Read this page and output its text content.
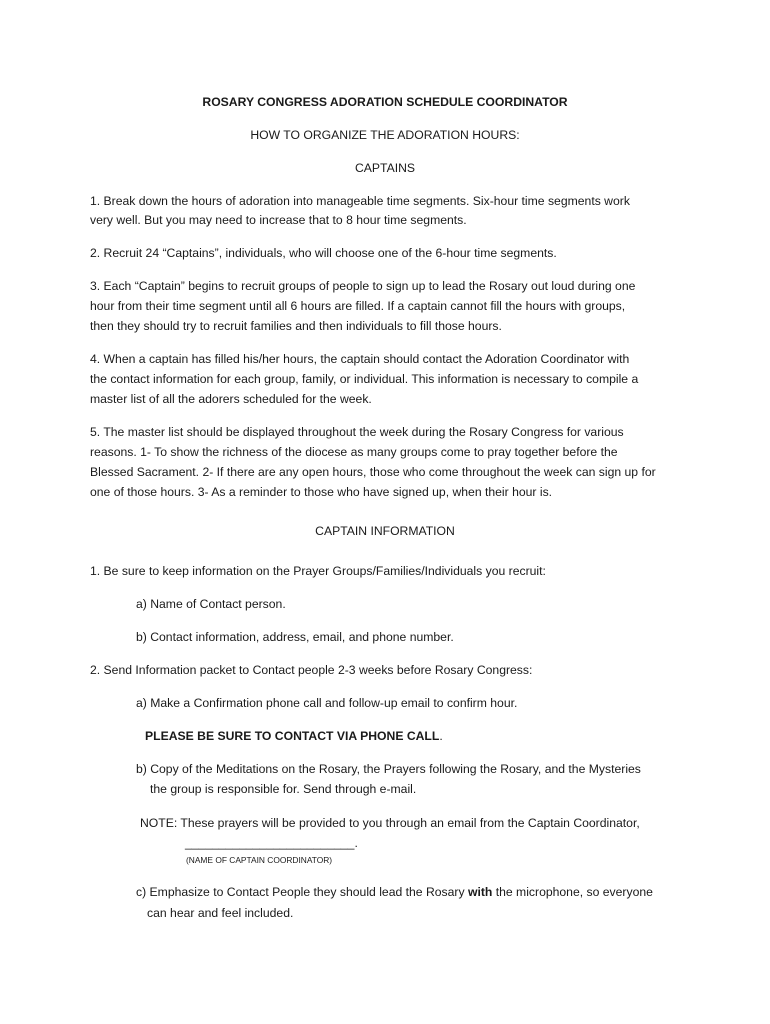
ROSARY CONGRESS ADORATION SCHEDULE COORDINATOR

HOW TO ORGANIZE THE ADORATION HOURS:

CAPTAINS

1. Break down the hours of adoration into manageable time segments. Six-hour time segments work

very well. But you may need to increase that to 8 hour time segments.

2. Recruit 24 “Captains”, individuals, who will choose one of the 6-hour time segments.

3. Each “Captain” begins to recruit groups of people to sign up to lead the Rosary out loud during one

hour from their time segment until all 6 hours are filled. If a captain cannot fill the hours with groups,

then they should try to recruit families and then individuals to fill those hours.

4. When a captain has filled his/her hours, the captain should contact the Adoration Coordinator with

the contact information for each group, family, or individual. This information is necessary to compile a

master list of all the adorers scheduled for the week.

5. The master list should be displayed throughout the week during the Rosary Congress for various

reasons. 1- To show the richness of the diocese as many groups come to pray together before the

Blessed Sacrament. 2- If there are any open hours, those who come throughout the week can sign up for

one of those hours. 3- As a reminder to those who have signed up, when their hour is.

CAPTAIN INFORMATION

1. Be sure to keep information on the Prayer Groups/Families/Individuals you recruit:

a) Name of Contact person.

b) Contact information, address, email, and phone number.

2. Send Information packet to Contact people 2-3 weeks before Rosary Congress:

a) Make a Confirmation phone call and follow-up email to confirm hour.

PLEASE BE SURE TO CONTACT VIA PHONE CALL.

b) Copy of the Meditations on the Rosary, the Prayers following the Rosary, and the Mysteries

the group is responsible for. Send through e-mail.

NOTE: These prayers will be provided to you through an email from the Captain Coordinator,

_________________________.

(NAME OF CAPTAIN COORDINATOR)

c) Emphasize to Contact People they should lead the Rosary with the microphone, so everyone

can hear and feel included.
